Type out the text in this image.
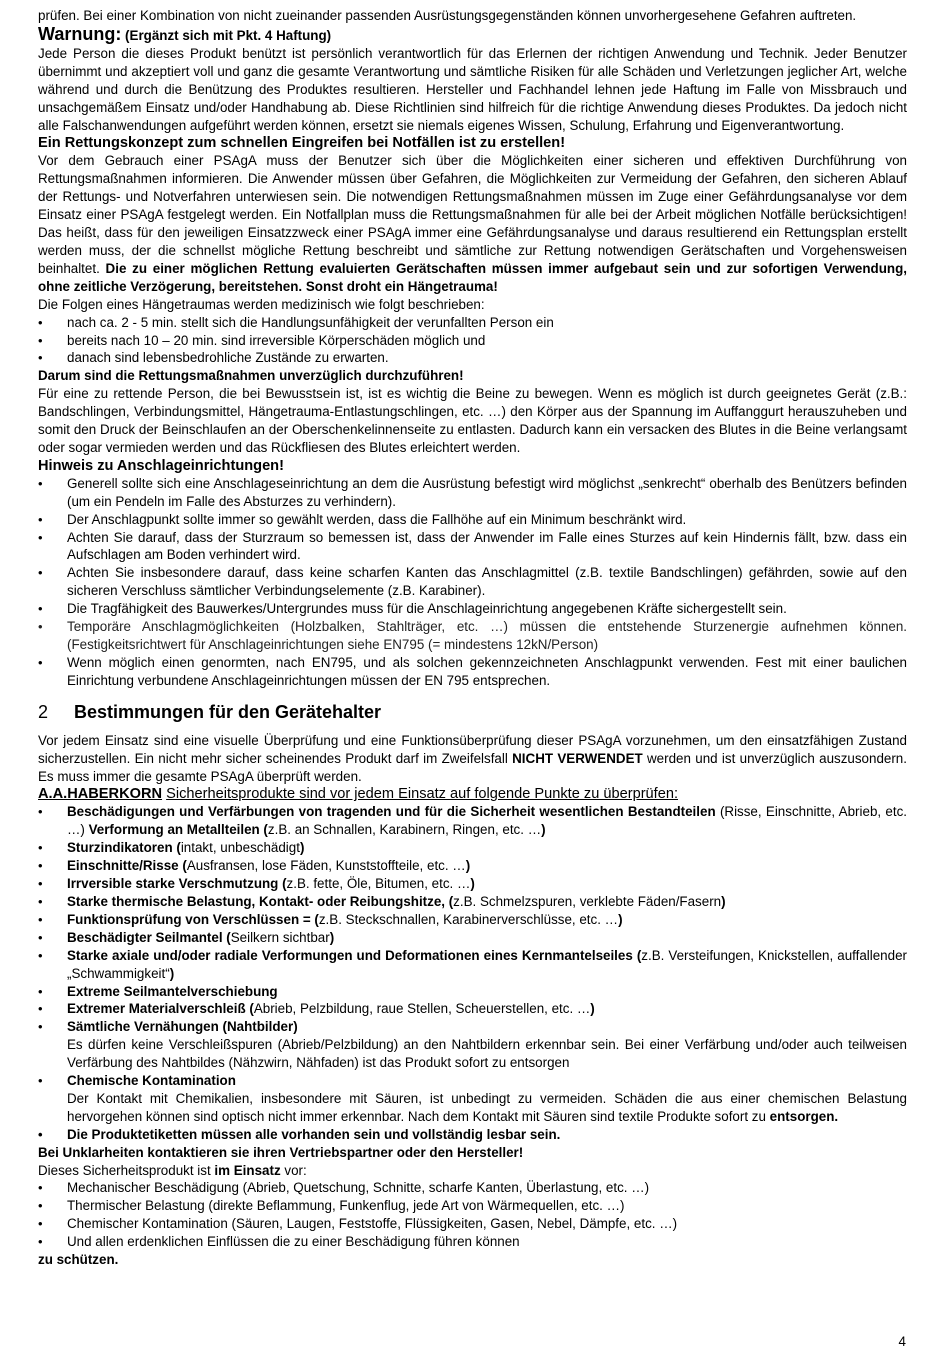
prüfen. Bei einer Kombination von nicht zueinander passenden Ausrüstungsgegenständen können unvorhergesehene Gefahren auftreten.

Warnung: (Ergänzt sich mit Pkt. 4 Haftung)

Jede Person die dieses Produkt benützt ist persönlich verantwortlich für das Erlernen der richtigen Anwendung und Technik. Jeder Benutzer übernimmt und akzeptiert voll und ganz die gesamte Verantwortung und sämtliche Risiken für alle Schäden und Verletzungen jeglicher Art, welche während und durch die Benützung des Produktes resultieren. Hersteller und Fachhandel lehnen jede Haftung im Falle von Missbrauch und unsachgemäßem Einsatz und/oder Handhabung ab. Diese Richtlinien sind hilfreich für die richtige Anwendung dieses Produktes. Da jedoch nicht alle Falschanwendungen aufgeführt werden können, ersetzt sie niemals eigenes Wissen, Schulung, Erfahrung und Eigenverantwortung.

Ein Rettungskonzept zum schnellen Eingreifen bei Notfällen ist zu erstellen!

Vor dem Gebrauch einer PSAgA muss der Benutzer sich über die Möglichkeiten einer sicheren und effektiven Durchführung von Rettungsmaßnahmen informieren. Die Anwender müssen über Gefahren, die Möglichkeiten zur Vermeidung der Gefahren, den sicheren Ablauf der Rettungs- und Notverfahren unterwiesen sein. Die notwendigen Rettungsmaßnahmen müssen im Zuge einer Gefährdungsanalyse vor dem Einsatz einer PSAgA festgelegt werden. Ein Notfallplan muss die Rettungsmaßnahmen für alle bei der Arbeit möglichen Notfälle berücksichtigen! Das heißt, dass für den jeweiligen Einsatzzweck einer PSAgA immer eine Gefährdungsanalyse und daraus resultierend ein Rettungsplan erstellt werden muss, der die schnellst mögliche Rettung beschreibt und sämtliche zur Rettung notwendigen Gerätschaften und Vorgehensweisen beinhaltet. Die zu einer möglichen Rettung evaluierten Gerätschaften müssen immer aufgebaut sein und zur sofortigen Verwendung, ohne zeitliche Verzögerung, bereitstehen. Sonst droht ein Hängetrauma!

Die Folgen eines Hängetraumas werden medizinisch wie folgt beschrieben:

• nach ca. 2 - 5 min. stellt sich die Handlungsunfähigkeit der verunfallten Person ein
• bereits nach 10 – 20 min. sind irreversible Körperschäden möglich und
• danach sind lebensbedrohliche Zustände zu erwarten.
Darum sind die Rettungsmaßnahmen unverzüglich durchzuführen!

Für eine zu rettende Person, die bei Bewusstsein ist, ist es wichtig die Beine zu bewegen. Wenn es möglich ist durch geeignetes Gerät (z.B.: Bandschlingen, Verbindungsmittel, Hängetrauma-Entlastungschlingen, etc. …) den Körper aus der Spannung im Auffanggurt herauszuheben und somit den Druck der Beinschlaufen an der Oberschenkelinnenseite zu entlasten. Dadurch kann ein versacken des Blutes in die Beine verlangsamt oder sogar vermieden werden und das Rückfliesen des Blutes erleichtert werden.

Hinweis zu Anschlageinrichtungen!
• Generell sollte sich eine Anschlageseinrichtung an dem die Ausrüstung befestigt wird möglichst „senkrecht“ oberhalb des Benützers befinden (um ein Pendeln im Falle des Absturzes zu verhindern).
• Der Anschlagpunkt sollte immer so gewählt werden, dass die Fallhöhe auf ein Minimum beschränkt wird.
• Achten Sie darauf, dass der Sturzraum so bemessen ist, dass der Anwender im Falle eines Sturzes auf kein Hindernis fällt, bzw. dass ein Aufschlagen am Boden verhindert wird.
• Achten Sie insbesondere darauf, dass keine scharfen Kanten das Anschlagmittel (z.B. textile Bandschlingen) gefährden, sowie auf den sicheren Verschluss sämtlicher Verbindungselemente (z.B. Karabiner).
• Die Tragfähigkeit des Bauwerkes/Untergrundes muss für die Anschlageinrichtung angegebenen Kräfte sichergestellt sein.
• Temporäre Anschlagmöglichkeiten (Holzbalken, Stahlträger, etc. …) müssen die entstehende Sturzenergie aufnehmen können. (Festigkeitsrichtwert für Anschlageinrichtungen siehe EN795 (= mindestens 12kN/Person)
• Wenn möglich einen genormten, nach EN795, und als solchen gekennzeichneten Anschlagpunkt verwenden. Fest mit einer baulichen Einrichtung verbundene Anschlageinrichtungen müssen der EN 795 entsprechen.
2	Bestimmungen für den Gerätehalter

Vor jedem Einsatz sind eine visuelle Überprüfung und eine Funktionsüberprüfung dieser PSAgA vorzunehmen, um den einsatzfähigen Zustand sicherzustellen. Ein nicht mehr sicher scheinendes Produkt darf im Zweifelsfall NICHT VERWENDET werden und ist unverzüglich auszusondern. Es muss immer die gesamte PSAgA überprüft werden.

A.A.HABERKORN Sicherheitsprodukte sind vor jedem Einsatz auf folgende Punkte zu überprüfen:
• Beschädigungen und Verfärbungen von tragenden und für die Sicherheit wesentlichen Bestandteilen (Risse, Einschnitte, Abrieb, etc. …) Verformung an Metallteilen (z.B. an Schnallen, Karabinern, Ringen, etc. …)
• Sturzindikatoren (intakt, unbeschädigt)
• Einschnitte/Risse (Ausfransen, lose Fäden, Kunststoffteile, etc. …)
• Irrversible starke Verschmutzung (z.B. fette, Öle, Bitumen, etc. …)
• Starke thermische Belastung, Kontakt- oder Reibungshitze, (z.B. Schmelzspuren, verklebte Fäden/Fasern)
• Funktionsprüfung von Verschlüssen = (z.B. Steckschnallen, Karabinerverschlüsse, etc. …)
• Beschädigter Seilmantel (Seilkern sichtbar)
• Starke axiale und/oder radiale Verformungen und Deformationen eines Kernmantelseiles (z.B. Versteifungen, Knickstellen, auffallender „Schwammigkeit“)
• Extreme Seilmantelverschiebung
• Extremer Materialverschleiß (Abrieb, Pelzbildung, raue Stellen, Scheuerstellen, etc. …)
• Sämtliche Vernähungen (Nahtbilder)
Es dürfen keine Verschleißspuren (Abrieb/Pelzbildung) an den Nahtbildern erkennbar sein. Bei einer Verfärbung und/oder auch teilweisen Verfärbung des Nahtbildes (Nähzwirn, Nähfaden) ist das Produkt sofort zu entsorgen
• Chemische Kontamination
Der Kontakt mit Chemikalien, insbesondere mit Säuren, ist unbedingt zu vermeiden. Schäden die aus einer chemischen Belastung hervorgehen können sind optisch nicht immer erkennbar. Nach dem Kontakt mit Säuren sind textile Produkte sofort zu entsorgen.
• Die Produktetiketten müssen alle vorhanden sein und vollständig lesbar sein.
Bei Unklarheiten kontaktieren sie ihren Vertriebspartner oder den Hersteller!

Dieses Sicherheitsprodukt ist im Einsatz vor:

• Mechanischer Beschädigung (Abrieb, Quetschung, Schnitte, scharfe Kanten, Überlastung, etc. …)
• Thermischer Belastung (direkte Beflammung, Funkenflug, jede Art von Wärmequellen, etc. …)
• Chemischer Kontamination (Säuren, Laugen, Feststoffe, Flüssigkeiten, Gasen, Nebel, Dämpfe, etc. …)
• Und allen erdenklichen Einflüssen die zu einer Beschädigung führen können
zu schützen.
4
